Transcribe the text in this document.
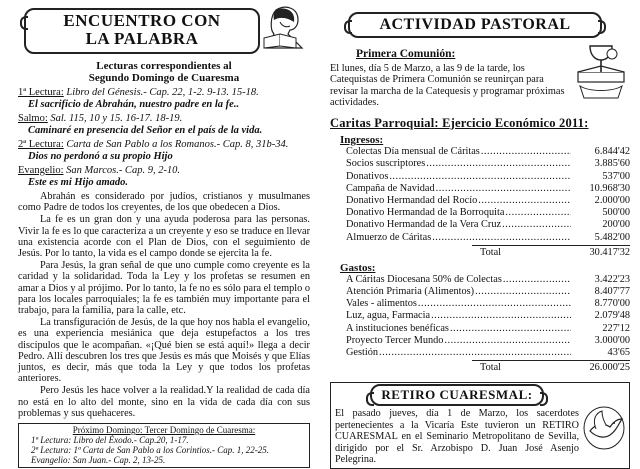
ENCUENTRO CON
LA PALABRA
Lecturas correspondientes al
Segundo Domingo de Cuaresma
1ª Lectura: Libro del Génesis.- Cap. 22, 1-2. 9-13. 15-18.
El sacrificio de Abrahán, nuestro padre en la fe..
Salmo: Sal. 115, 10 y 15. 16-17. 18-19.
Caminaré en presencia del Señor en el país de la vida.
2ª Lectura: Carta de San Pablo a los Romanos.- Cap. 8, 31b-34.
Dios no perdonó a su propio Hijo
Evangelio: San Marcos.- Cap. 9, 2-10.
Este es mi Hijo amado.

Abrahán es considerado por judíos, cristianos y musulmanes como Padre de todos los creyentes, de los que obedecen a Dios.

La fe es un gran don y una ayuda poderosa para las personas. Vivir la fe es lo que caracteriza a un creyente y eso se traduce en llevar una existencia acorde con el Plan de Dios, con el seguimiento de Jesús. Por lo tanto, la vida es el campo donde se ejercita la fe.

Para Jesús, la gran señal de que uno cumple como creyente es la caridad y la solidaridad. Toda la Ley y los profetas se resumen en amar a Dios y al prójimo. Por lo tanto, la fe no es sólo para el templo o para los locales parroquiales; la fe es también muy importante para el trabajo, para la familia, para la calle, etc.

La transfiguración de Jesús, de la que hoy nos habla el evangelio, es una experiencia mesiánica que deja estupefactos a los tres discípulos que le acompañan. «¡Qué bien se está aquí!» llega a decir Pedro. Allí descubren los tres que Jesús es más que Moisés y que Elías juntos, es decir, más que toda la Ley y que todos los profetas anteriores.

Pero Jesús les hace volver a la realidad.Y la realidad de cada día no está en lo alto del monte, sino en la vida de cada día con sus problemas y sus quehaceres.

Próximo Domingo: Tercer Domingo de Cuaresma:
1ª Lectura: Libro del Éxodo.- Cap.20, 1-17.
2ª Lectura: 1ª Carta de San Pablo a los Corintios.- Cap. 1, 22-25.
Evangelio: San Juan.- Cap. 2, 13-25.
ACTIVIDAD PASTORAL
Primera Comunión:
El lunes, día 5 de Marzo, a las 9 de la tarde, los Catequistas de Primera Comunión se reunirçan para revisar la marcha de la Catequesis y programar próximas actividades.
Caritas Parroquial: Ejercicio Económico 2011:
Ingresos:
Colectas Día mensual de Cáritas .....	6.844'42
Socios suscriptores .....	3.885'60
Donativos .....	537'00
Campaña de Navidad .....	10.968'30
Donativo Hermandad del Rocío .....	2.000'00
Donativo Hermandad de la Borroquita .....	500'00
Donativo Hermandad de la Vera Cruz .....	200'00
Almuerzo de Cáritas .....	5.482'00
Total	30.417'32
Gastos:
A Cáritas Diocesana 50% de Colectas .....	3.422'23
Atención Primaria (Alimentos) .....	8.407'77
Vales - alimentos .....	8.770'00
Luz, agua, Farmacia .....	2.079'48
A instituciones benéficas .....	227'12
Proyecto Tercer Mundo .....	3.000'00
Gestión .....	43'65
Total	26.000'25
RETIRO CUARESMAL:
El pasado jueves, día 1 de Marzo, los sacerdotes pertenecientes a la Vicaría Este tuvieron un RETIRO CUARESMAL en el Seminario Metropolitano de Sevilla, dirigido por el Sr. Arzobispo D. Juan José Asenjo Pelegrina.
